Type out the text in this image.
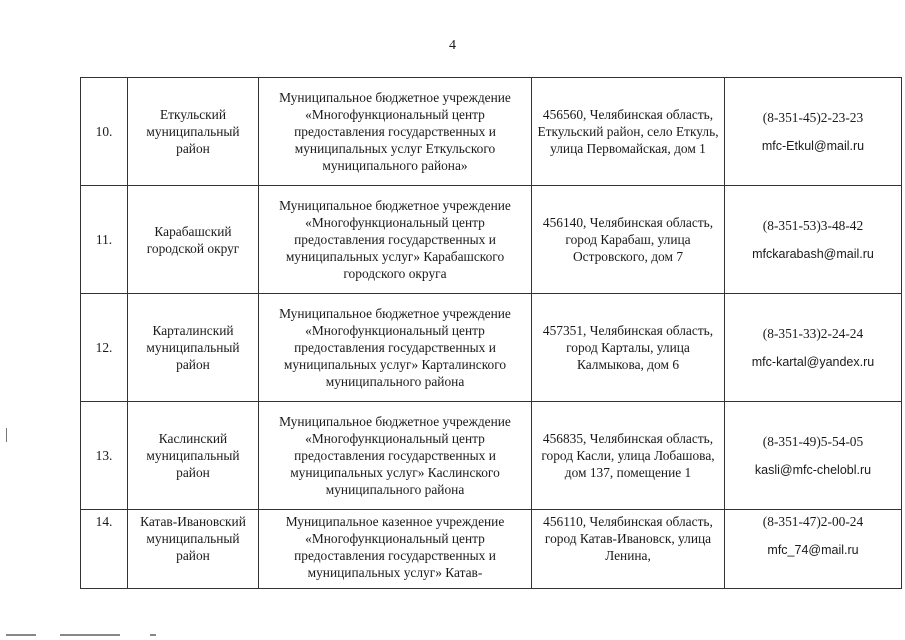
4
10.	Еткульский муниципальный район	Муниципальное бюджетное учреждение «Многофункциональный центр предоставления государственных и муниципальных услуг Еткульского муниципального района»	456560, Челябинская область, Еткульский район, село Еткуль, улица Первомайская, дом 1	(8-351-45)2-23-23
mfc-Etkul@mail.ru

11.	Карабашский городской округ	Муниципальное бюджетное учреждение «Многофункциональный центр предоставления государственных и муниципальных услуг» Карабашского городского округа	456140, Челябинская область, город Карабаш, улица Островского, дом 7	(8-351-53)3-48-42
mfckarabash@mail.ru

12.	Карталинский муниципальный район	Муниципальное бюджетное учреждение «Многофункциональный центр предоставления государственных и муниципальных услуг» Карталинского муниципального района	457351, Челябинская область, город Карталы, улица Калмыкова, дом 6	(8-351-33)2-24-24
mfc-kartal@yandex.ru

13.	Каслинский муниципальный район	Муниципальное бюджетное учреждение «Многофункциональный центр предоставления государственных и муниципальных услуг» Каслинского муниципального района	456835, Челябинская область, город Касли, улица Лобашова, дом 137, помещение 1	(8-351-49)5-54-05
kasli@mfc-chelobl.ru

14.	Катав-Ивановский муниципальный район	Муниципальное казенное учреждение «Многофункциональный центр предоставления государственных и муниципальных услуг» Катав-	456110, Челябинская область, город Катав-Ивановск, улица Ленина,	(8-351-47)2-00-24
mfc_74@mail.ru
